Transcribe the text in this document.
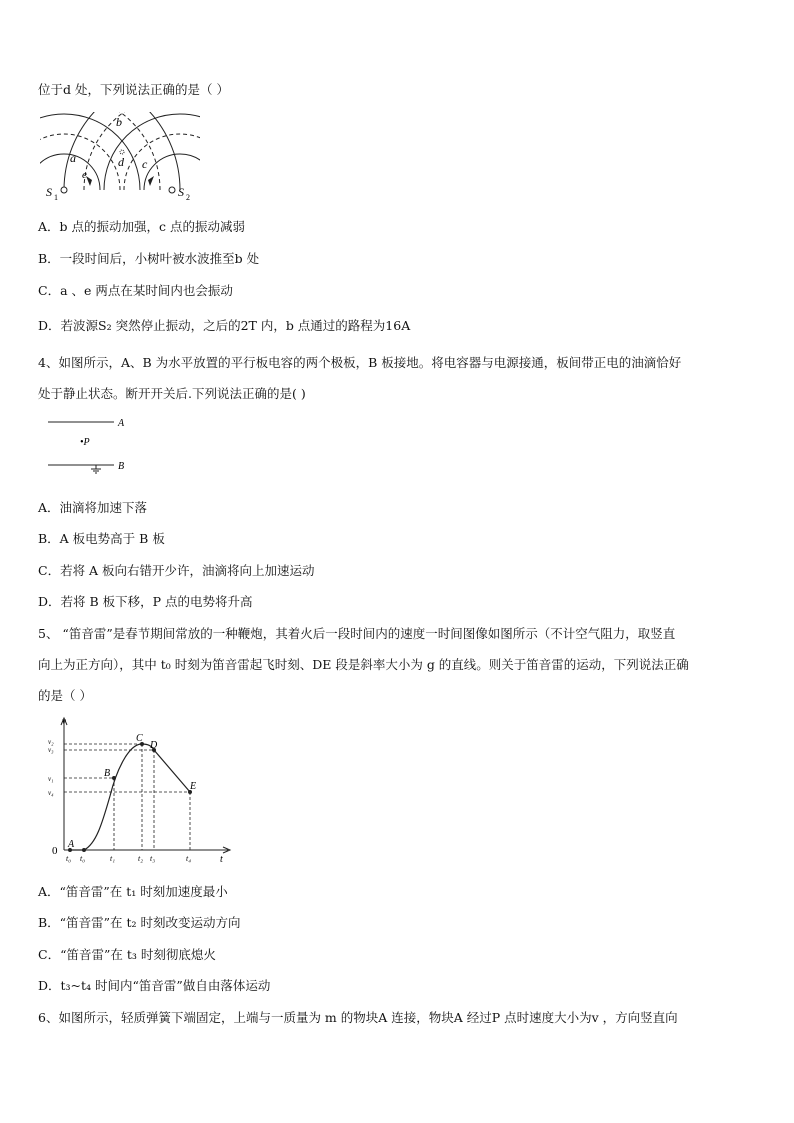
位于d 处，下列说法正确的是（ ）
b
a	d c
e
S 1	S 2
A．b 点的振动加强，c 点的振动减弱
B．一段时间后，小树叶被水波推至b 处
C．a 、e 两点在某时间内也会振动
D．若波源S₂ 突然停止振动，之后的2T 内，b 点通过的路程为16A
4、如图所示，A、B 为水平放置的平行板电容的两个极板，B 板接地。将电容器与电源接通，板间带正电的油滴恰好
处于静止状态。断开开关后.下列说法正确的是( )
A
B
•P
A．油滴将加速下落
B．A 板电势高于 B 板
C．若将 A 板向右错开少许，油滴将向上加速运动
D．若将 B 板下移，P 点的电势将升高
5、 “笛音雷”是春节期间常放的一种鞭炮，其着火后一段时间内的速度一时间图像如图所示（不计空气阻力，取竖直
向上为正方向），其中 t₀ 时刻为笛音雷起飞时刻、DE 段是斜率大小为 g 的直线。则关于笛音雷的运动，下列说法正确
的是（ ）
v
t
0
A
B
C
D
E
v₂
v₃
v₁
v₄
t₀ t₀	t₁	t₂ t₃	t₄
A．“笛音雷”在 t₁ 时刻加速度最小
B．“笛音雷”在 t₂ 时刻改变运动方向
C．“笛音雷”在 t₃ 时刻彻底熄火
D．t₃~t₄ 时间内“笛音雷”做自由落体运动
6、如图所示，轻质弹簧下端固定，上端与一质量为 m 的物块A 连接，物块A 经过P 点时速度大小为v ，方向竖直向
